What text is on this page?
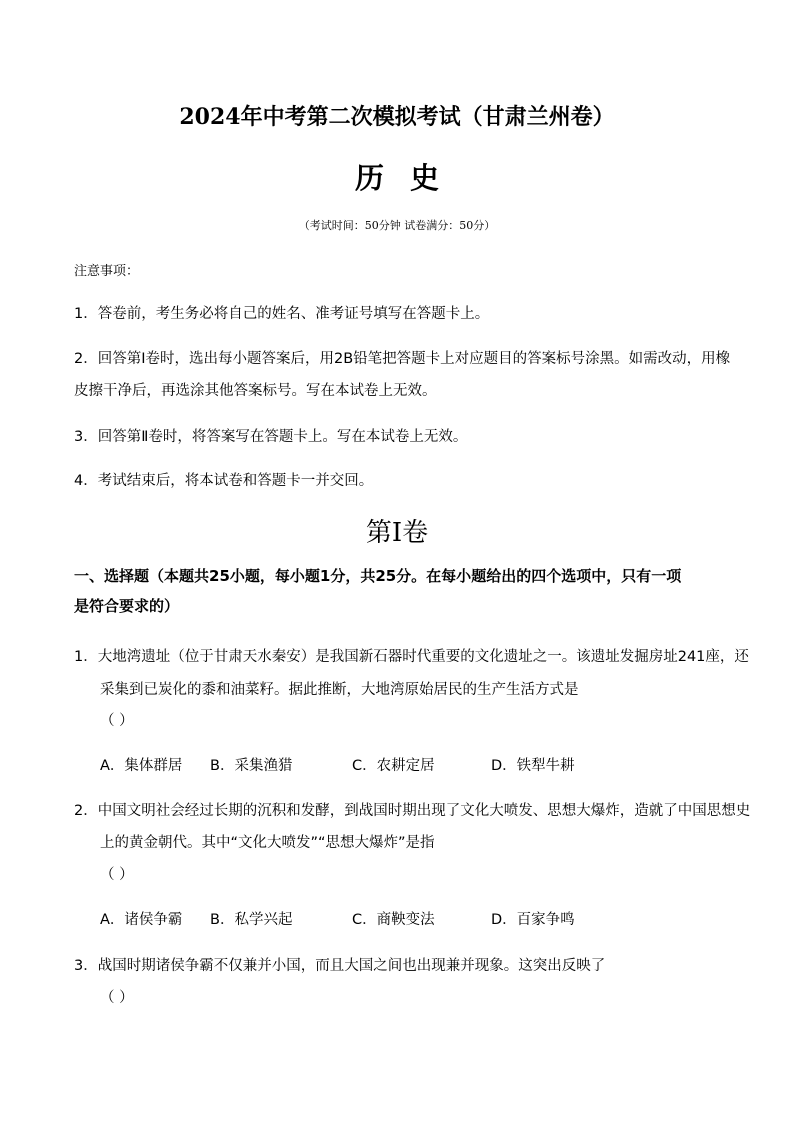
2024年中考第二次模拟考试（甘肃兰州卷）
历史
（考试时间：50分钟 试卷满分：50分）
注意事项：
1．答卷前，考生务必将自己的姓名、准考证号填写在答题卡上。
2．回答第Ⅰ卷时，选出每小题答案后，用2B铅笔把答题卡上对应题目的答案标号涂黑。如需改动，用橡
皮擦干净后，再选涂其他答案标号。写在本试卷上无效。
3．回答第Ⅱ卷时，将答案写在答题卡上。写在本试卷上无效。
4．考试结束后，将本试卷和答题卡一并交回。
第Ⅰ卷
一、选择题（本题共25小题，每小题1分，共25分。在每小题给出的四个选项中，只有一项
是符合要求的）
1．大地湾遗址（位于甘肃天水秦安）是我国新石器时代重要的文化遗址之一。该遗址发掘房址241座，还
采集到已炭化的黍和油菜籽。据此推断，大地湾原始居民的生产生活方式是
（ ）
A．集体群居 B．采集渔猎	C．农耕定居	D．铁犁牛耕
2．中国文明社会经过长期的沉积和发酵，到战国时期出现了文化大喷发、思想大爆炸，造就了中国思想史
上的黄金朝代。其中“文化大喷发”“思想大爆炸”是指
（ ）
A．诸侯争霸 B．私学兴起	C．商鞅变法	D．百家争鸣
3．战国时期诸侯争霸不仅兼并小国，而且大国之间也出现兼并现象。这突出反映了
（ ）
